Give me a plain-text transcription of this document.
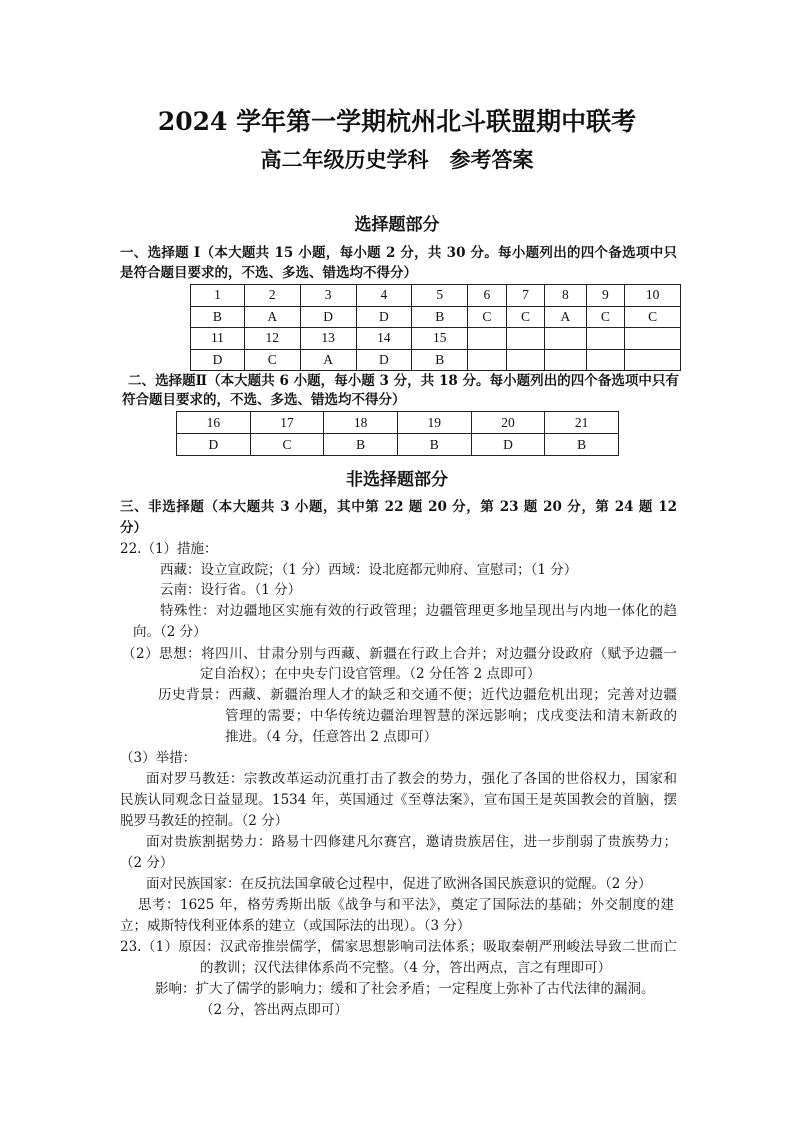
2024 学年第一学期杭州北斗联盟期中联考
高二年级历史学科　参考答案
选择题部分
一、选择题 I（本大题共 15 小题，每小题 2 分，共 30 分。每小题列出的四个备选项中只
是符合题目要求的，不选、多选、错选均不得分）
1	2	3	4	5	6	7	8	9	10
B	A	D	D	B	C	C	A	C	C
11	12	13	14	15					
D	C	A	D	B					
二、选择题Ⅱ（本大题共 6 小题，每小题 3 分，共 18 分。每小题列出的四个备选项中只有
符合题目要求的，不选、多选、错选均不得分）
16	17	18	19	20	21
D	C	B	B	D	B
非选择题部分
三、非选择题（本大题共 3 小题，其中第 22 题 20 分，第 23 题 20 分，第 24 题 12
分）
22.（1）措施：
西藏：设立宣政院；（1 分）西域：设北庭都元帅府、宣慰司；（1 分）
云南：设行省。（1 分）
特殊性：对边疆地区实施有效的行政管理；边疆管理更多地呈现出与内地一体化的趋
向。（2 分）
（2）思想：将四川、甘肃分别与西藏、新疆在行政上合并；对边疆分设政府（赋予边疆一
定自治权）；在中央专门设官管理。（2 分任答 2 点即可）
历史背景：西藏、新疆治理人才的缺乏和交通不便；近代边疆危机出现；完善对边疆
管理的需要；中华传统边疆治理智慧的深远影响；戊戌变法和清末新政的
推进。（4 分，任意答出 2 点即可）
（3）举措：
面对罗马教廷：宗教改革运动沉重打击了教会的势力，强化了各国的世俗权力，国家和
民族认同观念日益显现。1534 年，英国通过《至尊法案》，宣布国王是英国教会的首脑，摆
脱罗马教廷的控制。（2 分）
面对贵族割据势力：路易十四修建凡尔赛宫，邀请贵族居住，进一步削弱了贵族势力；
（2 分）
面对民族国家：在反抗法国拿破仑过程中，促进了欧洲各国民族意识的觉醒。（2 分）
思考：1625 年，格劳秀斯出版《战争与和平法》，奠定了国际法的基础；外交制度的建
立；威斯特伐利亚体系的建立（或国际法的出现）。（3 分）
23.（1）原因：汉武帝推崇儒学，儒家思想影响司法体系；吸取秦朝严刑峻法导致二世而亡
的教训；汉代法律体系尚不完整。（4 分，答出两点，言之有理即可）
影响：扩大了儒学的影响力；缓和了社会矛盾；一定程度上弥补了古代法律的漏洞。
（2 分，答出两点即可）
